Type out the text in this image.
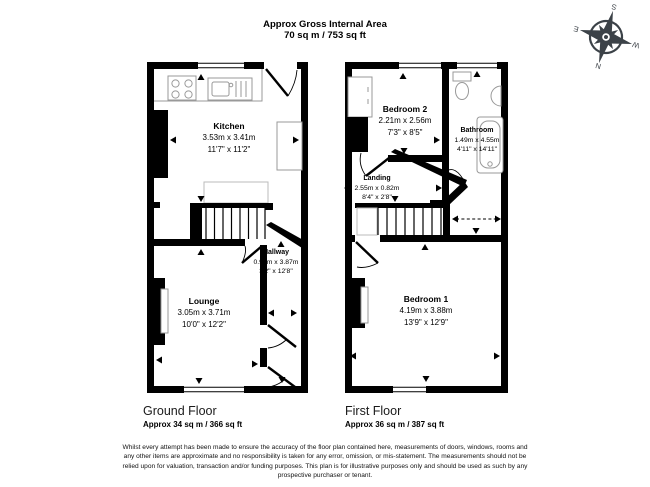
N
S
E
W
Approx Gross Internal Area
70 sq m / 753 sq ft
Kitchen
3.53m x 3.41m
11'7" x 11'2"
Lounge
3.05m x 3.71m
10'0" x 12'2"
Hallway
0.96m x 3.87m
3'2" x 12'8"
Bedroom 2
2.21m x 2.56m
7'3" x 8'5"	Bathroom
1.49m x 4.55m
4'11" x 14'11"
Landing
2.55m x 0.82m
8'4" x 2'8"
Bedroom 1
4.19m x 3.88m
13'9" x 12'9"
Ground Floor
Approx 34 sq m / 366 sq ft
First Floor
Approx 36 sq m / 387 sq ft
Whilst every attempt has been made to ensure the accuracy of the floor plan contained here, measurements of doors, windows, rooms and
any other items are approximate and no responsibility is taken for any error, omission, or mis-statement. The measurements should not be
relied upon for valuation, transaction and/or funding purposes. This plan is for illustrative purposes only and should be used as such by any
prospective purchaser or tenant.
